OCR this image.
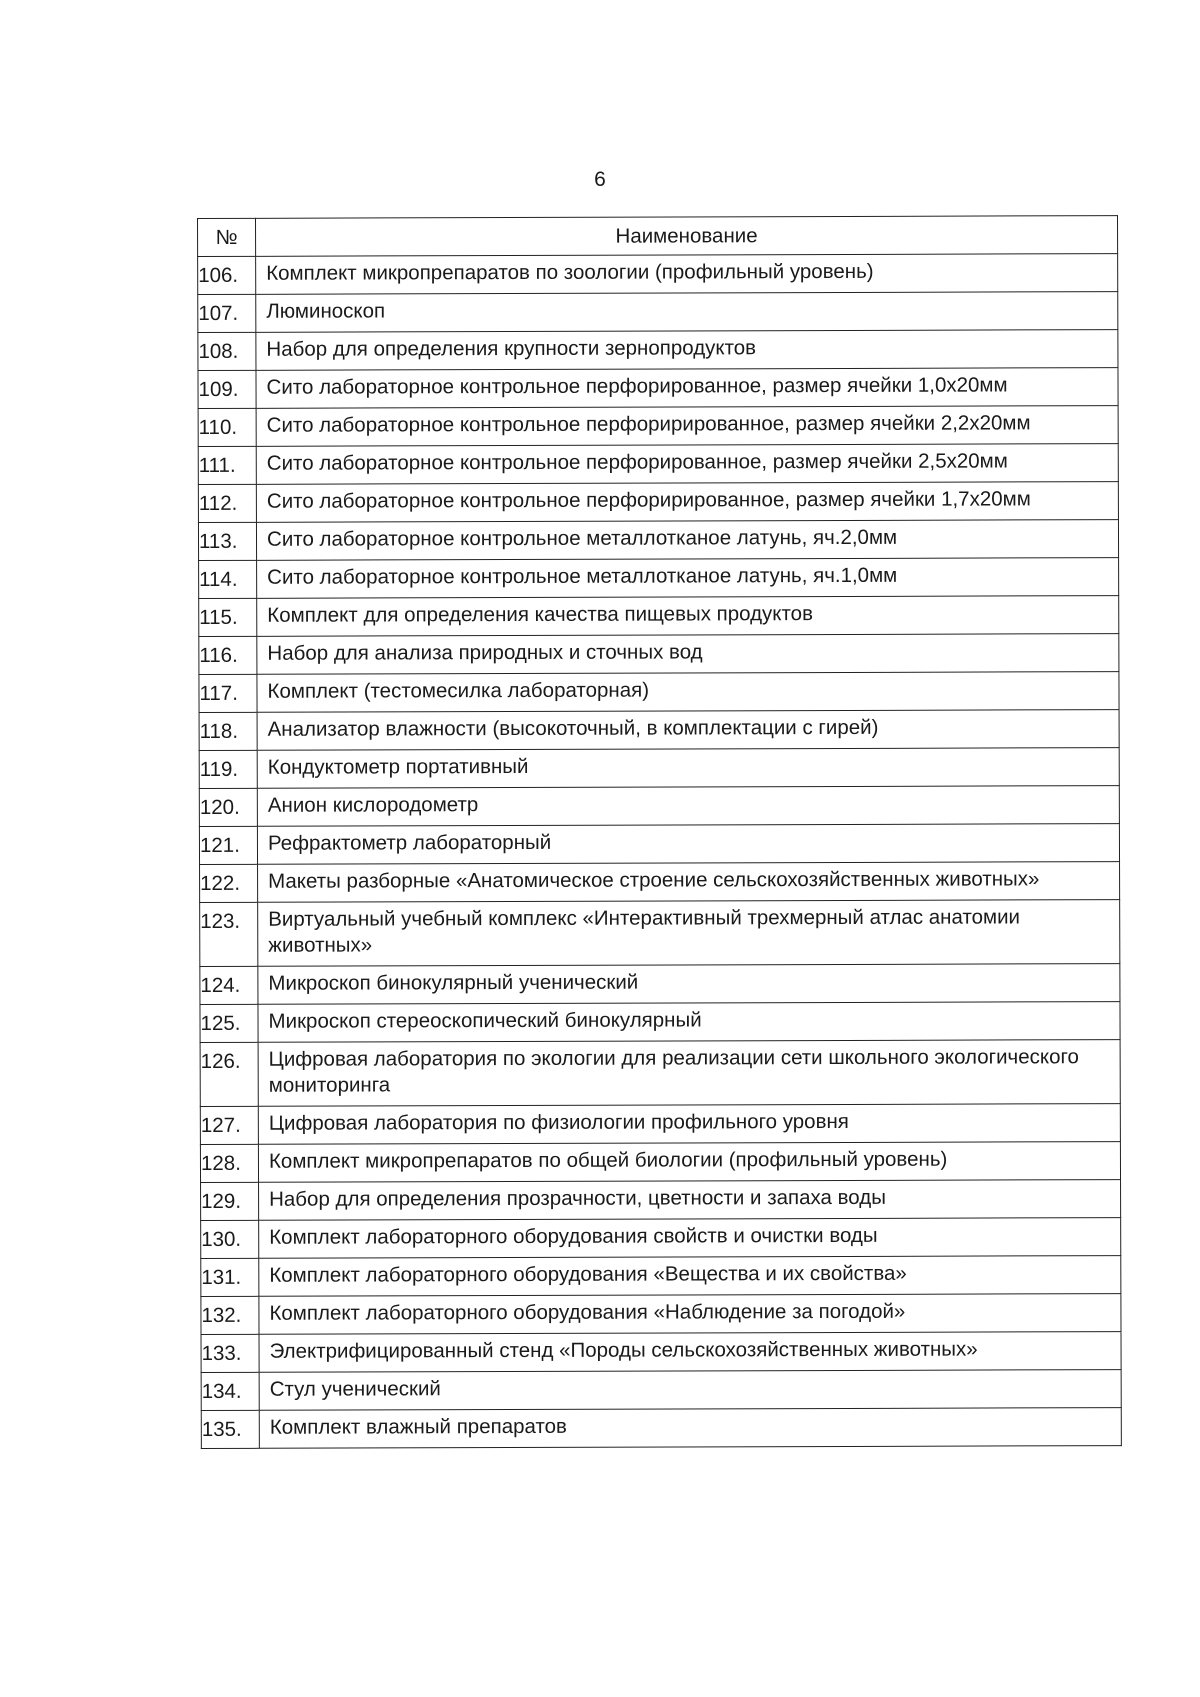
6
№	Наименование
106.	Комплект микропрепаратов по зоологии (профильный уровень)
107.	Люминоскоп
108.	Набор для определения крупности зернопродуктов
109.	Сито лабораторное контрольное перфорированное, размер ячейки 1,0х20мм
110.	Сито лабораторное контрольное перфорирированное, размер ячейки 2,2х20мм
111.	Сито лабораторное контрольное перфорированное, размер ячейки 2,5х20мм
112.	Сито лабораторное контрольное перфорирированное, размер ячейки 1,7х20мм
113.	Сито лабораторное контрольное металлотканое латунь, яч.2,0мм
114.	Сито лабораторное контрольное металлотканое латунь, яч.1,0мм
115.	Комплект для определения качества пищевых продуктов
116.	Набор для анализа природных и сточных вод
117.	Комплект (тестомесилка лабораторная)
118.	Анализатор влажности (высокоточный, в комплектации с гирей)
119.	Кондуктометр портативный
120.	Анион кислородометр
121.	Рефрактометр лабораторный
122.	Макеты разборные «Анатомическое строение сельскохозяйственных животных»
123.	Виртуальный учебный комплекс «Интерактивный трехмерный атлас анатомии животных»
124.	Микроскоп бинокулярный ученический
125.	Микроскоп стереоскопический бинокулярный
126.	Цифровая лаборатория по экологии для реализации сети школьного экологического мониторинга
127.	Цифровая лаборатория по физиологии профильного уровня
128.	Комплект микропрепаратов по общей биологии (профильный уровень)
129.	Набор для определения прозрачности, цветности и запаха воды
130.	Комплект лабораторного оборудования свойств и очистки воды
131.	Комплект лабораторного оборудования «Вещества и их свойства»
132.	Комплект лабораторного оборудования «Наблюдение за погодой»
133.	Электрифицированный стенд «Породы сельскохозяйственных животных»
134.	Стул ученический
135.	Комплект влажный препаратов
